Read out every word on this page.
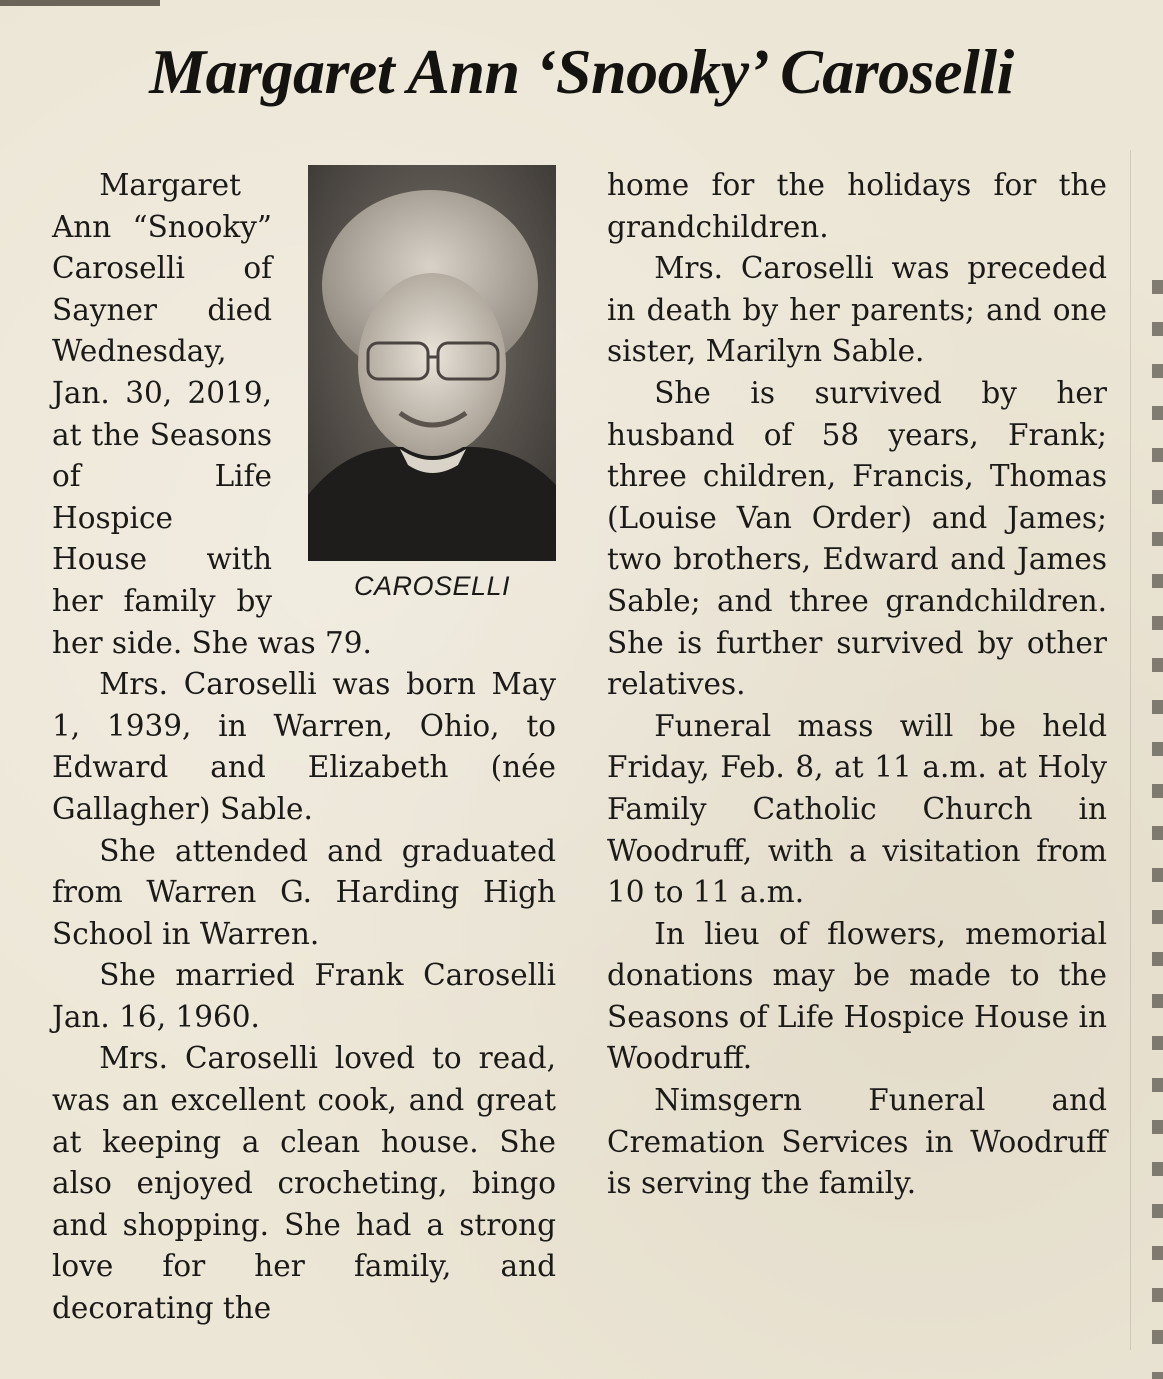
Margaret Ann ‘Snooky’ Caroselli
CAROSELLI

Margaret Ann “Snooky” Caroselli of Sayner died Wednesday, Jan. 30, 2019, at the Seasons of Life Hospice House with her family by her side. She was 79.

Mrs. Caroselli was born May 1, 1939, in Warren, Ohio, to Edward and Elizabeth (née Gallagher) Sable.

She attended and graduated from Warren G. Harding High School in Warren.

She married Frank Caroselli Jan. 16, 1960.

Mrs. Caroselli loved to read, was an excellent cook, and great at keeping a clean house. She also enjoyed crocheting, bingo and shopping. She had a strong love for her family, and decorating the

home for the holidays for the grandchildren.

Mrs. Caroselli was preceded in death by her parents; and one sister, Marilyn Sable.

She is survived by her husband of 58 years, Frank; three children, Francis, Thomas (Louise Van Order) and James; two brothers, Edward and James Sable; and three grandchildren. She is further survived by other relatives.

Funeral mass will be held Friday, Feb. 8, at 11 a.m. at Holy Family Catholic Church in Woodruff, with a visitation from 10 to 11 a.m.

In lieu of flowers, memorial donations may be made to the Seasons of Life Hospice House in Woodruff.

Nimsgern Funeral and Cremation Services in Woodruff is serving the family.
